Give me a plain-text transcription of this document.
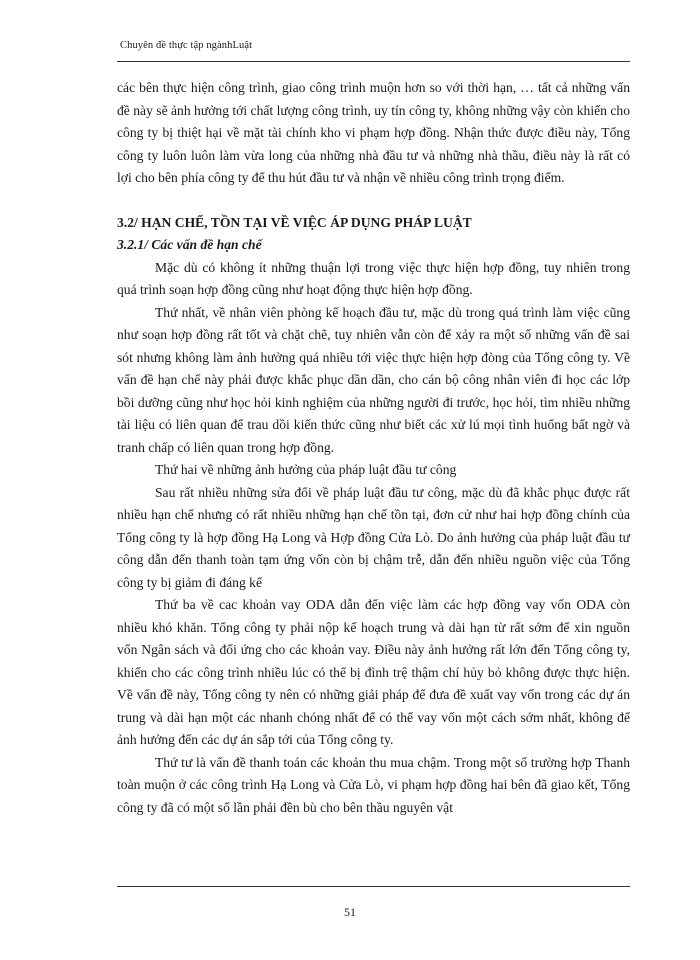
Chuyên đề thực tập ngànhLuật

các bên thực hiện công trình, giao công trình muộn hơn so với thời hạn, … tất cả những vấn đề này sẽ ảnh hưởng tới chất lượng công trình, uy tín công ty, không những vậy còn khiến cho công ty bị thiệt hại về mặt tài chính kho vi phạm hợp đồng. Nhận thức được điều này, Tổng công ty luôn luôn làm vừa long của những nhà đầu tư và những nhà thầu, điều này là rất có lợi cho bên phía công ty để thu hút đầu tư và nhận về nhiều công trình trọng điểm.

3.2/ HẠN CHẾ, TỒN TẠI VỀ VIỆC ÁP DỤNG PHÁP LUẬT
3.2.1/ Các vấn đề hạn chế

Mặc dù có không ít những thuận lợi trong việc thực hiện hợp đồng, tuy nhiên trong quá trình soạn hợp đồng cũng như hoạt động thực hiện hợp đồng.

Thứ nhất, về nhân viên phòng kế hoạch đầu tư, mặc dù trong quá trình làm việc cũng như soạn hợp đồng rất tốt và chặt chẽ, tuy nhiên vẫn còn để xảy ra một số những vấn đề sai sót nhưng không làm ảnh hưởng quá nhiều tới việc thực hiện hợp đòng của Tổng công ty. Về vấn đề hạn chế này phải được khắc phục dần dần, cho cán bộ công nhân viên đi học các lớp bồi dưỡng cũng như học hỏi kinh nghiệm của những người đi trước, học hỏi, tìm nhiều những tài liệu có liên quan để trau dồi kiến thức cũng như biết các xử lú mọi tình huống bất ngờ và tranh chấp có liên quan trong hợp đồng.

Thứ hai về những ảnh hưởng của pháp luật đầu tư công

Sau rất nhiều những sửa đổi về pháp luật đầu tư công, mặc dù đã khắc phục được rất nhiều hạn chế nhưng có rất nhiều những hạn chế tồn tại, đơn cử như hai hợp đồng chính của Tổng công ty là hợp đồng Hạ Long và Hợp đồng Cửa Lò. Do ảnh hưởng của pháp luật đầu tư công dẫn đến thanh toàn tạm ứng vốn còn bị chậm trễ, dẫn đến nhiều nguồn việc của Tổng công ty bị giảm đi đáng kể

Thứ ba về cac khoản vay ODA dẫn đến việc làm các hợp đồng vay vốn ODA còn nhiều khó khăn. Tổng công ty phải nộp kế hoạch trung và dài hạn từ rất sớm để xin nguồn vốn Ngân sách và đối ứng cho các khoản vay. Điều này ảnh hưởng rất lớn đến Tổng công ty, khiến cho các công trình nhiều lúc có thể bị đình trệ thậm chí hủy bỏ không được thực hiện. Về vấn đề này, Tổng công ty nên có những giải pháp để đưa đề xuất vay vốn trong các dự án trung và dài hạn một các nhanh chóng nhất để có thể vay vốn một cách sớm nhất, không để ảnh hưởng đến các dự án sắp tới của Tổng công ty.

Thứ tư là vấn đề thanh toán các khoản thu mua chậm. Trong một số trường hợp Thanh toàn muộn ở các công trình Hạ Long và Cửa Lò, vi phạm hợp đồng hai bên đã giao kết, Tổng công ty đã có một số lần phải đền bù cho bên thầu nguyên vật

51
